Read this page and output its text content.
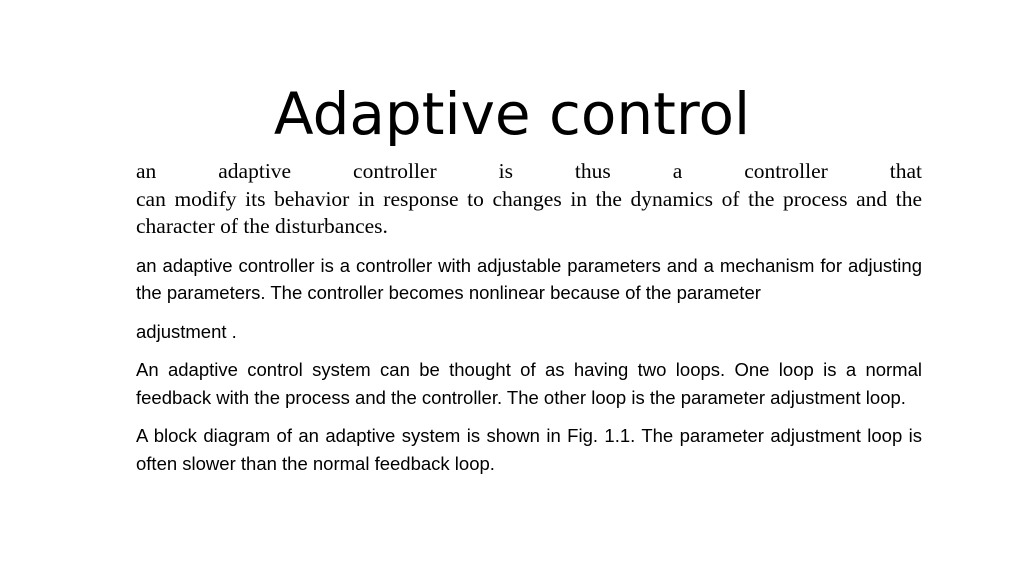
Adaptive control
an adaptive controller is thus a controller that
can modify its behavior in response to changes in the dynamics of the process and the character of the disturbances.

an adaptive controller is a controller with adjustable parameters and a mechanism for adjusting the parameters. The controller becomes nonlinear because of the parameter

adjustment .

An adaptive control system can be thought of as having two loops. One loop is a normal feedback with the process and the controller. The other loop is the parameter adjustment loop.

A block diagram of an adaptive system is shown in Fig. 1.1. The parameter adjustment loop is often slower than the normal feedback loop.
